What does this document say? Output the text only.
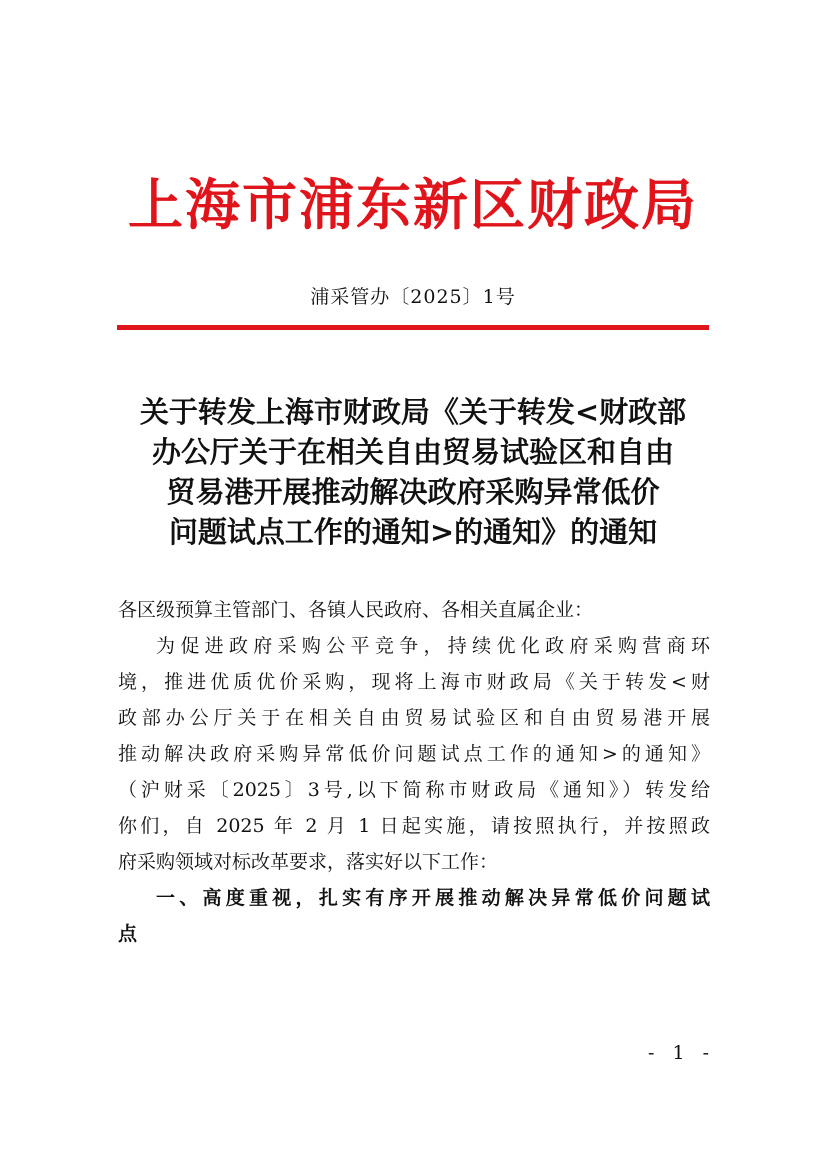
上海市浦东新区财政局
浦采管办〔2025〕1号
关于转发上海市财政局《关于转发<财政部
办公厅关于在相关自由贸易试验区和自由
贸易港开展推动解决政府采购异常低价
问题试点工作的通知>的通知》的通知
各区级预算主管部门、各镇人民政府、各相关直属企业：
为促进政府采购公平竞争，持续优化政府采购营商环
境，推进优质优价采购，现将上海市财政局《关于转发<财
政部办公厅关于在相关自由贸易试验区和自由贸易港开展
推动解决政府采购异常低价问题试点工作的通知>的通知》
（沪财采〔2025〕3号,以下简称市财政局《通知》）转发给
你们，自 2025 年 2 月 1 日起实施，请按照执行，并按照政
府采购领域对标改革要求，落实好以下工作：
一、高度重视，扎实有序开展推动解决异常低价问题试
点
- 1 -
